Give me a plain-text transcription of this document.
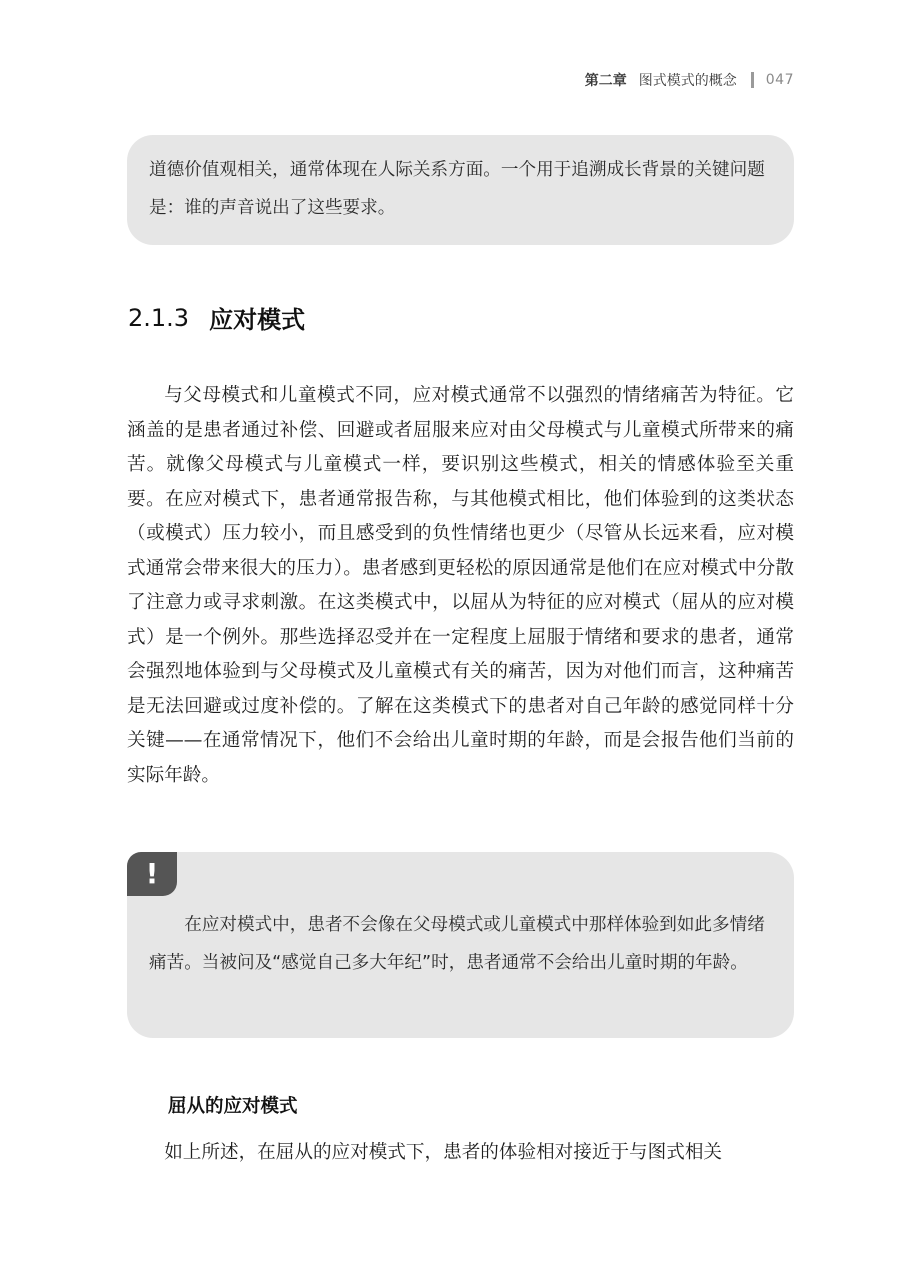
第二章 图式模式的概念 047

道德价值观相关，通常体现在人际关系方面。一个用于追溯成长背景的关键问题是：谁的声音说出了这些要求。

2.1.3 应对模式

与父母模式和儿童模式不同，应对模式通常不以强烈的情绪痛苦为特征。它涵盖的是患者通过补偿、回避或者屈服来应对由父母模式与儿童模式所带来的痛苦。就像父母模式与儿童模式一样，要识别这些模式，相关的情感体验至关重要。在应对模式下，患者通常报告称，与其他模式相比，他们体验到的这类状态（或模式）压力较小，而且感受到的负性情绪也更少（尽管从长远来看，应对模式通常会带来很大的压力）。患者感到更轻松的原因通常是他们在应对模式中分散了注意力或寻求刺激。在这类模式中，以屈从为特征的应对模式（屈从的应对模式）是一个例外。那些选择忍受并在一定程度上屈服于情绪和要求的患者，通常会强烈地体验到与父母模式及儿童模式有关的痛苦，因为对他们而言，这种痛苦是无法回避或过度补偿的。了解在这类模式下的患者对自己年龄的感觉同样十分关键——在通常情况下，他们不会给出儿童时期的年龄，而是会报告他们当前的实际年龄。

!

在应对模式中，患者不会像在父母模式或儿童模式中那样体验到如此多情绪痛苦。当被问及“感觉自己多大年纪”时，患者通常不会给出儿童时期的年龄。

屈从的应对模式

如上所述，在屈从的应对模式下，患者的体验相对接近于与图式相关
